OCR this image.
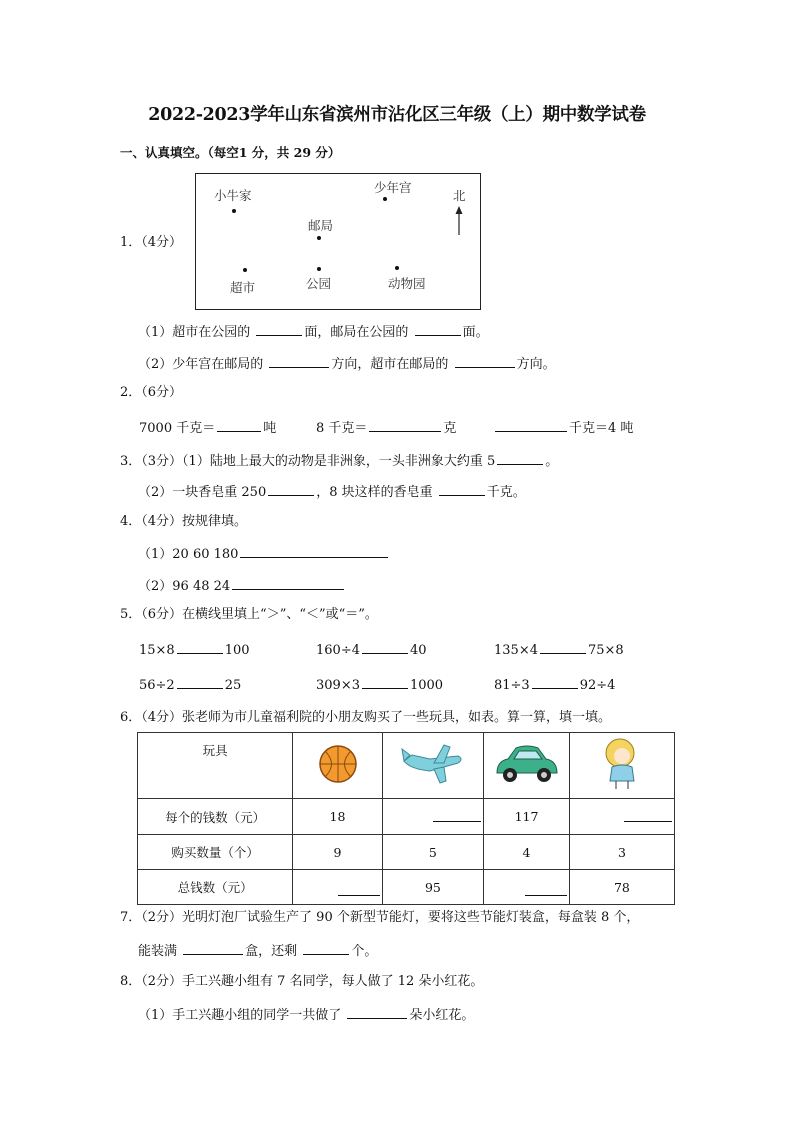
2022-2023学年山东省滨州市沾化区三年级（上）期中数学试卷
一、认真填空。（每空1 分，共 29 分）
1．（4分）
小牛家
少年宫
邮局
超市	公园	动物园
北
（1）超市在公园的	面，邮局在公园的	面。
（2）少年宫在邮局的	方向，超市在邮局的	方向。
2．（6分）
7000 千克＝	吨	8 千克＝	克	千克＝4 吨
3．（3分）（1）陆地上最大的动物是非洲象，一头非洲象大约重 5	。
（2）一块香皂重 250	，8 块这样的香皂重	千克。
4．（4分）按规律填。
（1）20 60 180
（2）96 48 24
5．（6分）在横线里填上“＞”、“＜”或“＝”。
15×8	100	160÷4	40	135×4	75×8
56÷2	25	309×3	1000	81÷3	92÷4
6．（4分）张老师为市儿童福利院的小朋友购买了一些玩具，如表。算一算，填一填。
玩具				
每个的钱数（元）	18		117	

购买数量（个）	9	5	4	3
总钱数（元）		95		78
7．（2分）光明灯泡厂试验生产了 90 个新型节能灯，要将这些节能灯装盒，每盒装 8 个，
能装满	盒，还剩	个。
8．（2分）手工兴趣小组有 7 名同学，每人做了 12 朵小红花。
（1）手工兴趣小组的同学一共做了	朵小红花。
